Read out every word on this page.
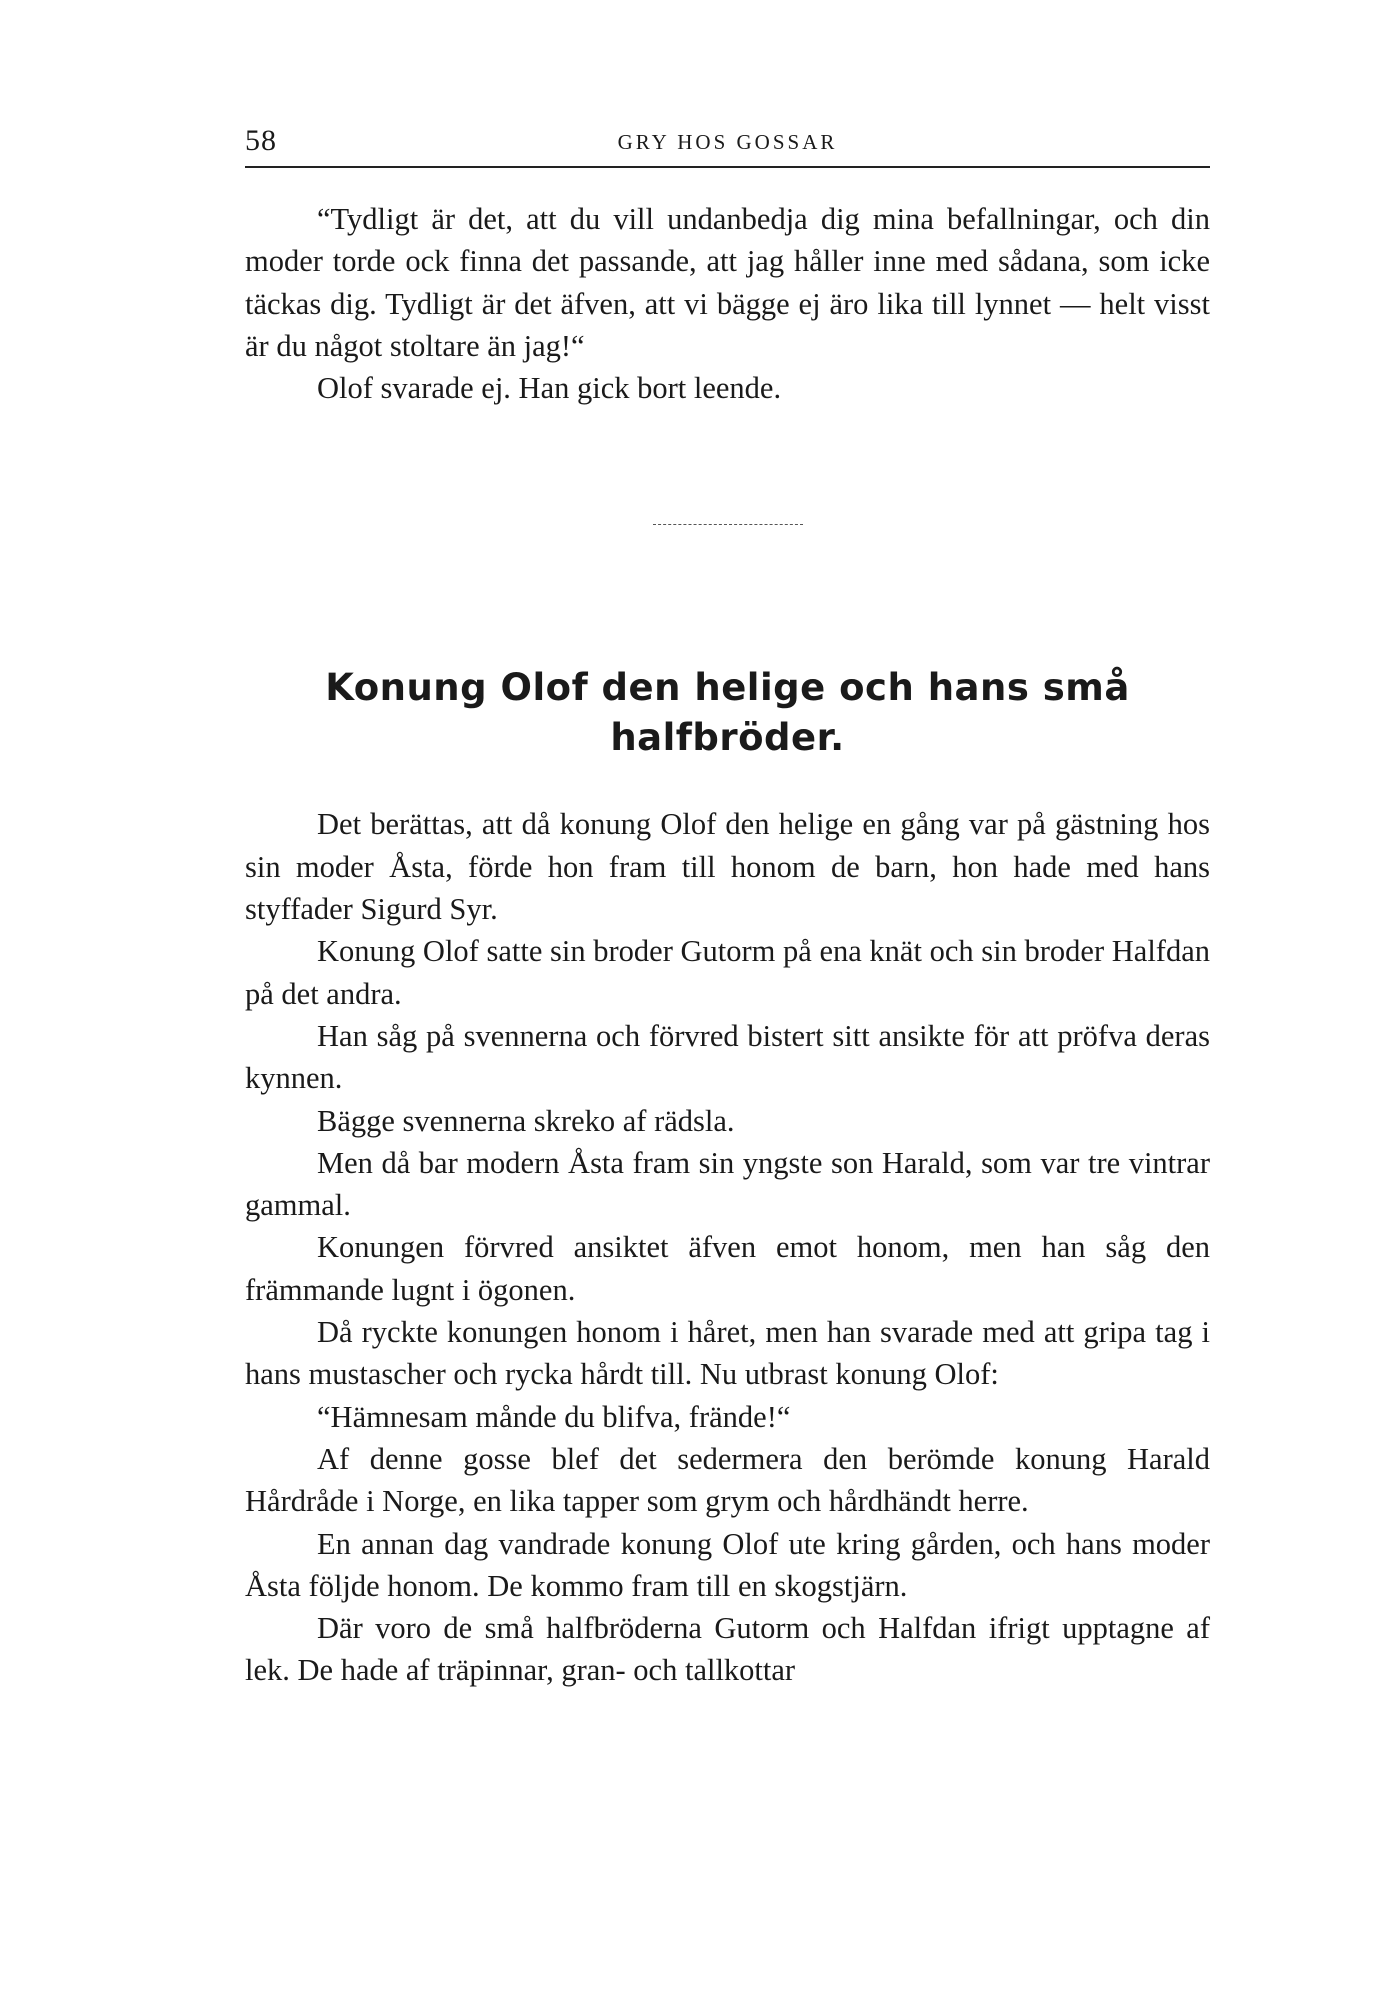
58	GRY HOS GOSSAR

“Tydligt är det, att du vill undanbedja dig mina befallningar, och din moder torde ock finna det passande, att jag håller inne med sådana, som icke täckas dig. Tydligt är det äfven, att vi bägge ej äro lika till lynnet — helt visst är du något stoltare än jag!“

Olof svarade ej. Han gick bort leende.

Konung Olof den helige och hans små halfbröder.

Det berättas, att då konung Olof den helige en gång var på gästning hos sin moder Åsta, förde hon fram till honom de barn, hon hade med hans styffader Sigurd Syr.

Konung Olof satte sin broder Gutorm på ena knät och sin broder Halfdan på det andra.

Han såg på svennerna och förvred bistert sitt ansikte för att pröfva deras kynnen.

Bägge svennerna skreko af rädsla.

Men då bar modern Åsta fram sin yngste son Harald, som var tre vintrar gammal.

Konungen förvred ansiktet äfven emot honom, men han såg den främmande lugnt i ögonen.

Då ryckte konungen honom i håret, men han svarade med att gripa tag i hans mustascher och rycka hårdt till. Nu utbrast konung Olof:

“Hämnesam månde du blifva, frände!“

Af denne gosse blef det sedermera den berömde konung Harald Hårdråde i Norge, en lika tapper som grym och hårdhändt herre.

En annan dag vandrade konung Olof ute kring gården, och hans moder Åsta följde honom. De kommo fram till en skogstjärn.

Där voro de små halfbröderna Gutorm och Halfdan ifrigt upptagne af lek. De hade af träpinnar, gran- och tallkottar
